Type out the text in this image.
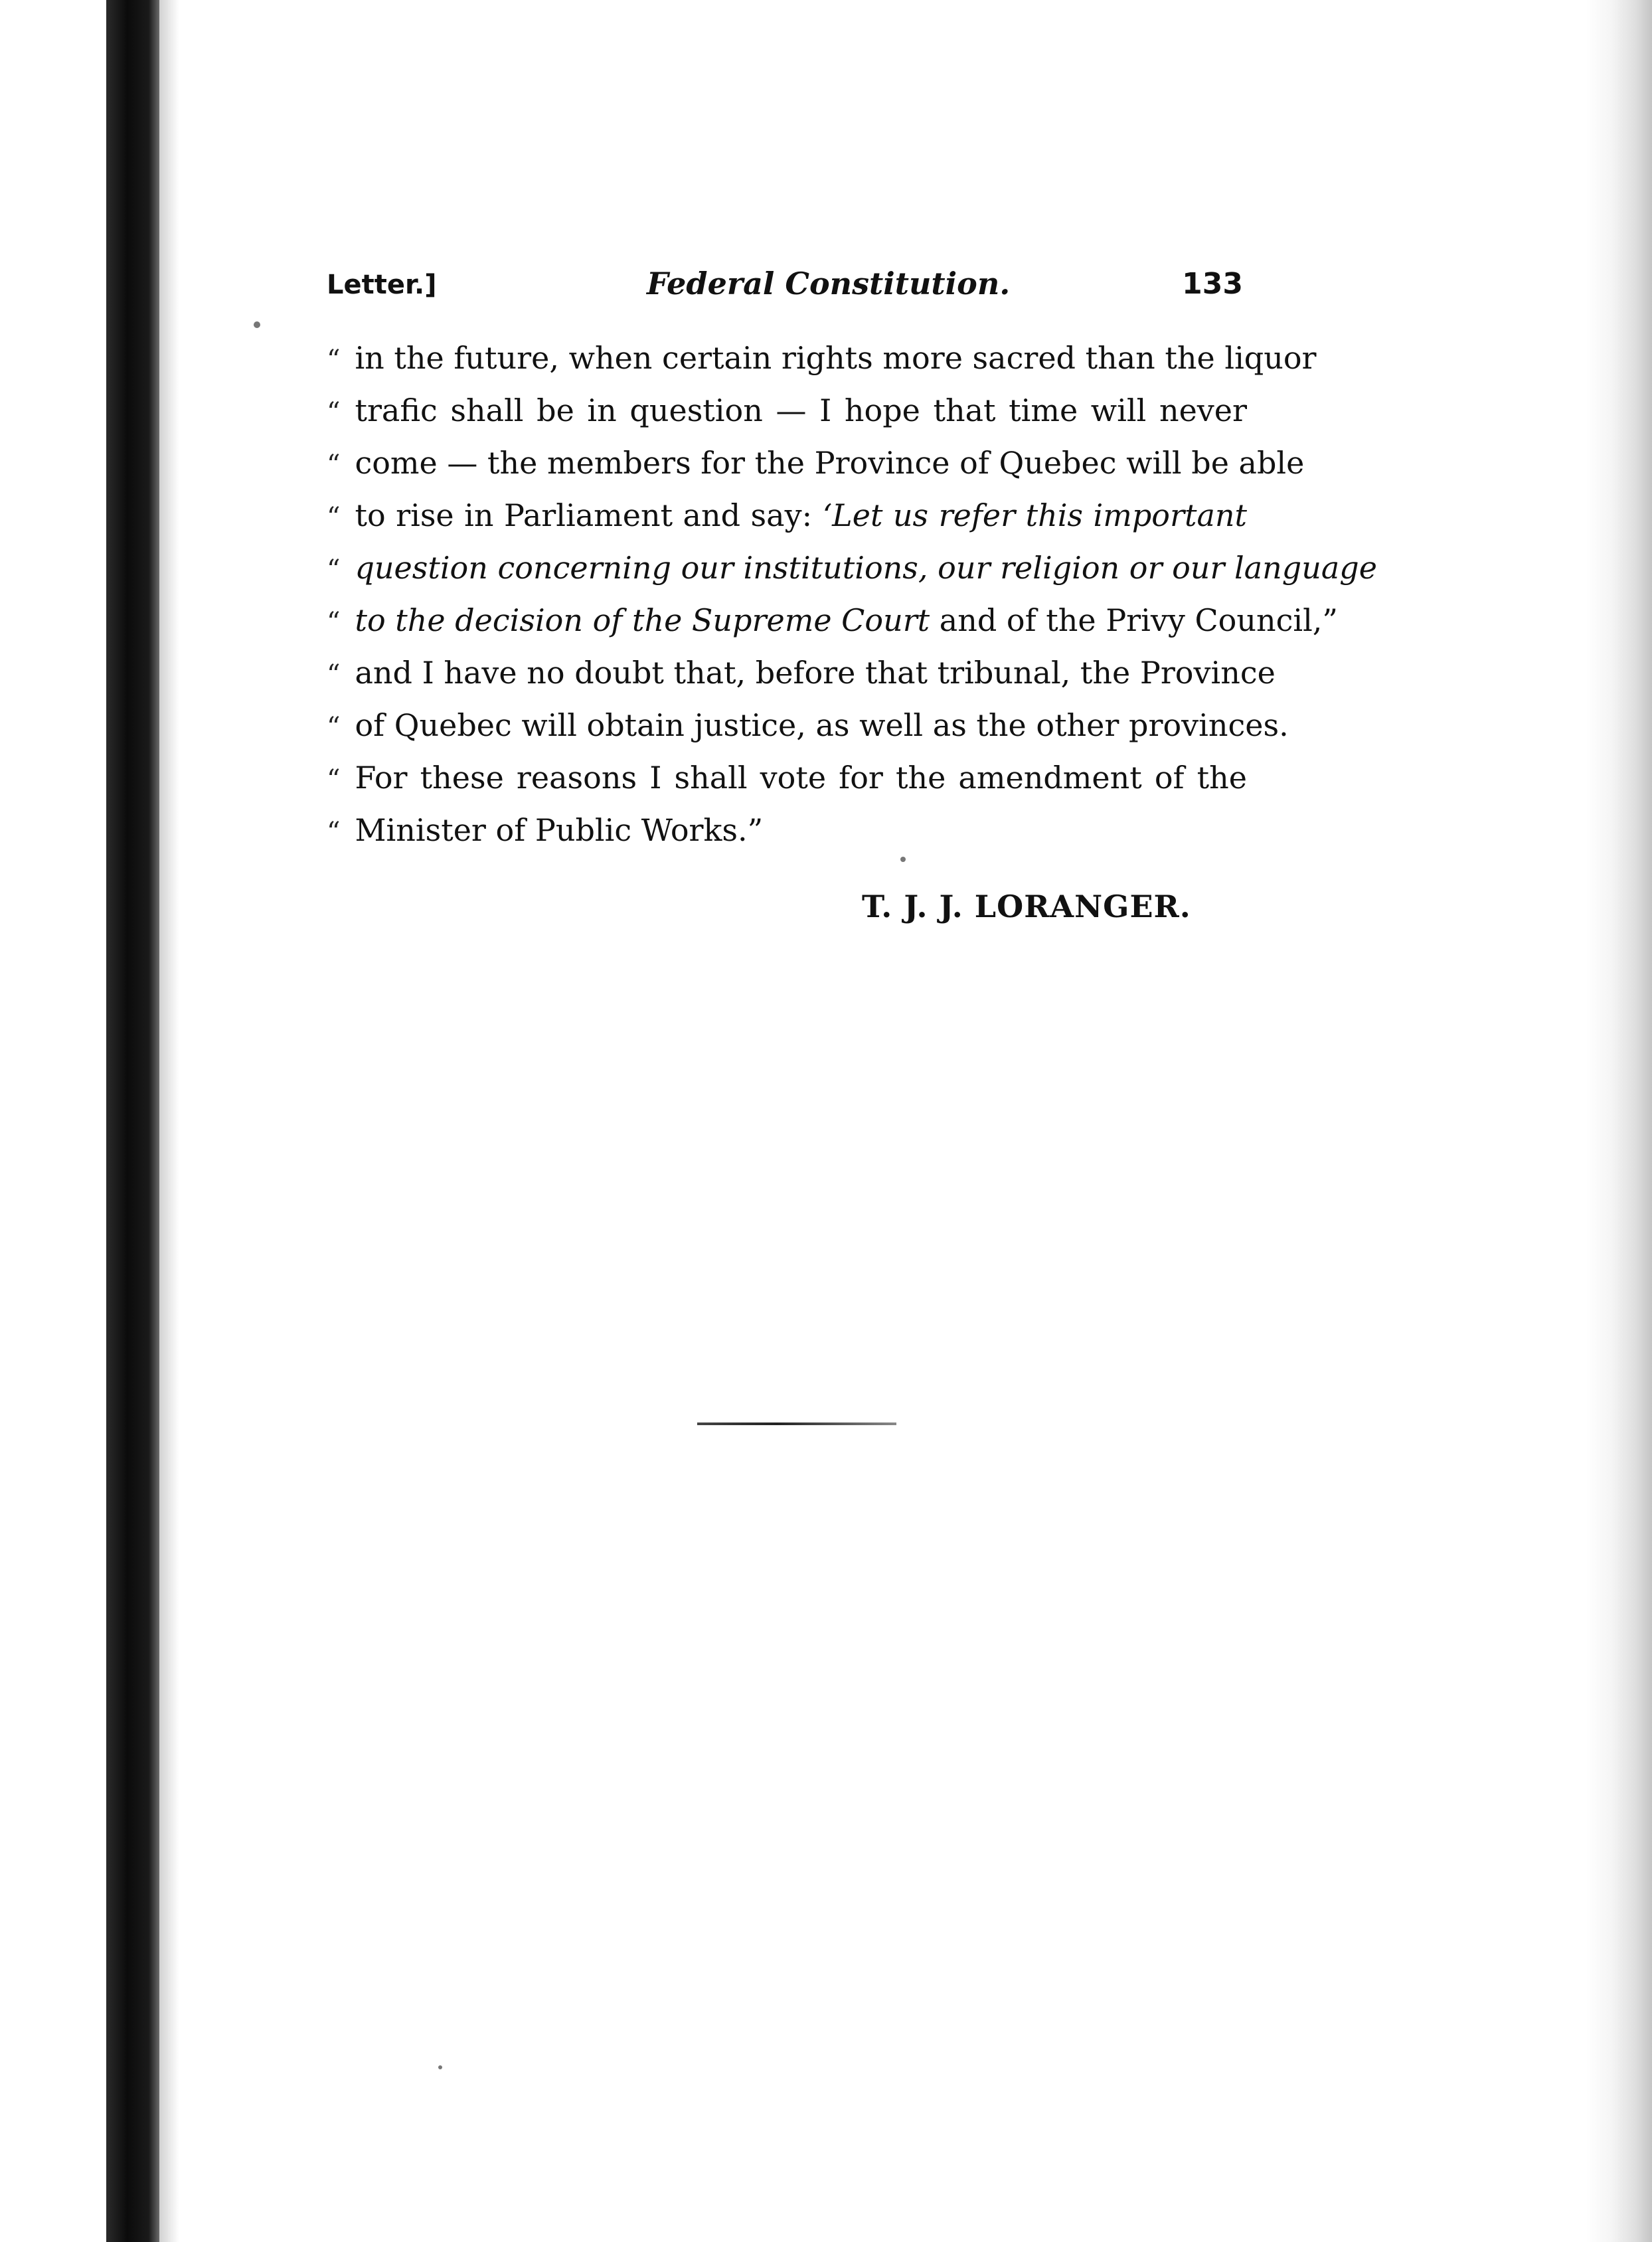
Letter.]	Federal Constitution.	133
“ in the future, when certain rights more sacred than the liquor
“ trafic shall be in question — I hope that time will never
“ come — the members for the Province of Quebec will be able
“ to rise in Parliament and say: ‘Let us refer this important
“ question concerning our institutions, our religion or our language
“ to the decision of the Supreme Court and of the Privy Council,”
“ and I have no doubt that, before that tribunal, the Province
“ of Quebec will obtain justice, as well as the other provinces.
“ For these reasons I shall vote for the amendment of the
“ Minister of Public Works.”
T. J. J. LORANGER.
